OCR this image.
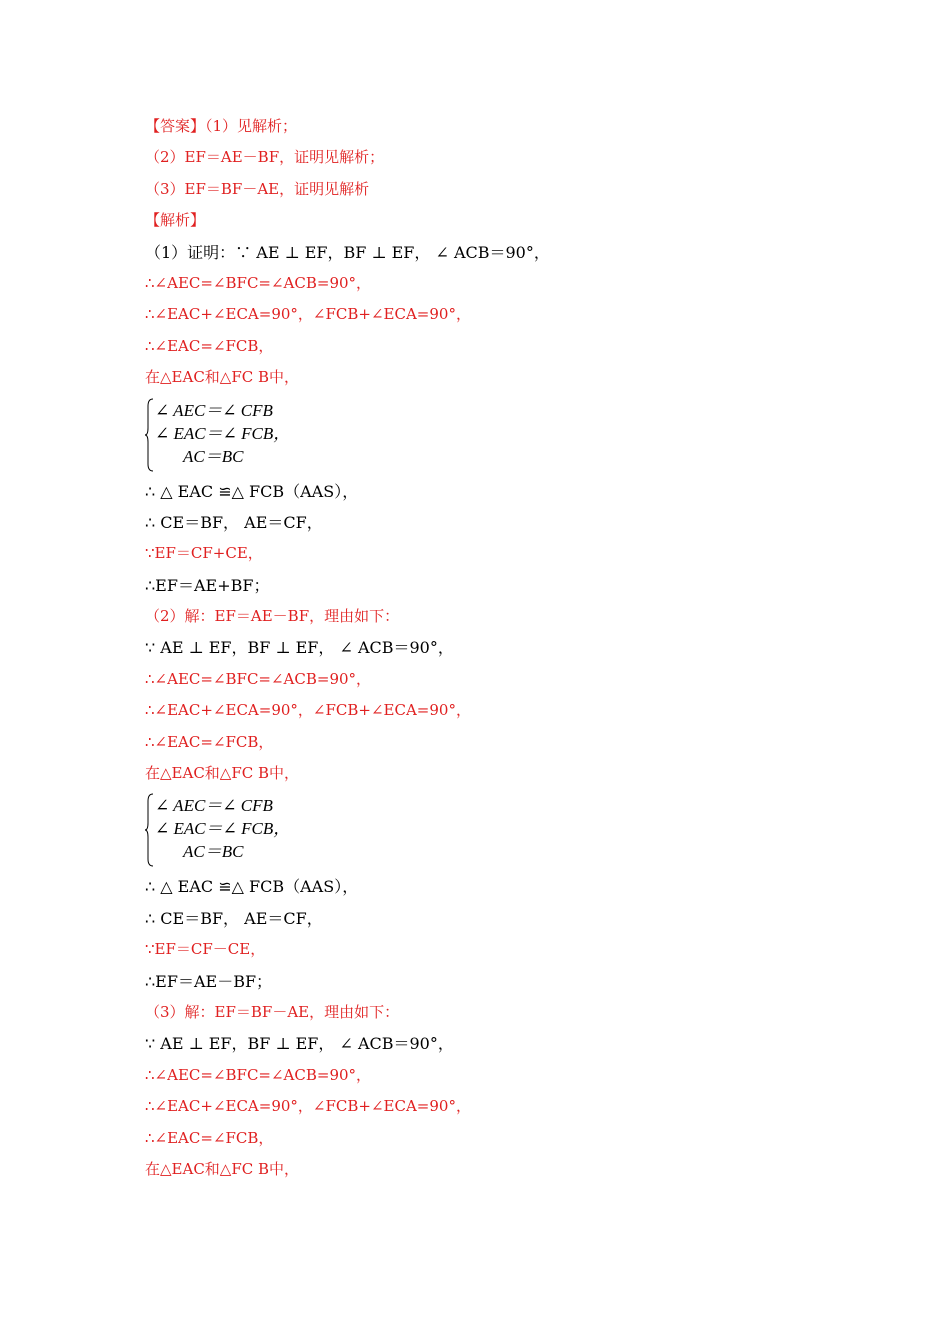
【答案】（1）见解析；
（2）EF＝AE－BF，证明见解析；
（3）EF＝BF－AE，证明见解析
【解析】
（1）证明：∵ AE ⊥ EF，BF ⊥ EF， ∠ ACB＝90°，
∴∠AEC=∠BFC=∠ACB=90°，
∴∠EAC+∠ECA=90°，∠FCB+∠ECA=90°，
∴∠EAC=∠FCB，
在△EAC和△FC B中，
∠ AEC＝∠ CFB
∠ EAC＝∠ FCB，
AC＝BC
∴ △ EAC ≌△ FCB（AAS），
∴ CE＝BF， AE＝CF，
∵EF＝CF+CE，
∴EF＝AE+BF；
（2）解：EF＝AE－BF，理由如下：
∵ AE ⊥ EF，BF ⊥ EF， ∠ ACB＝90°，
∴∠AEC=∠BFC=∠ACB=90°，
∴∠EAC+∠ECA=90°，∠FCB+∠ECA=90°，
∴∠EAC=∠FCB，
在△EAC和△FC B中，
∠ AEC＝∠ CFB
∠ EAC＝∠ FCB，
AC＝BC
∴ △ EAC ≌△ FCB（AAS），
∴ CE＝BF， AE＝CF，
∵EF＝CF－CE，
∴EF＝AE－BF；
（3）解：EF＝BF－AE，理由如下：
∵ AE ⊥ EF，BF ⊥ EF， ∠ ACB＝90°，
∴∠AEC=∠BFC=∠ACB=90°，
∴∠EAC+∠ECA=90°，∠FCB+∠ECA=90°，
∴∠EAC=∠FCB，
在△EAC和△FC B中，
